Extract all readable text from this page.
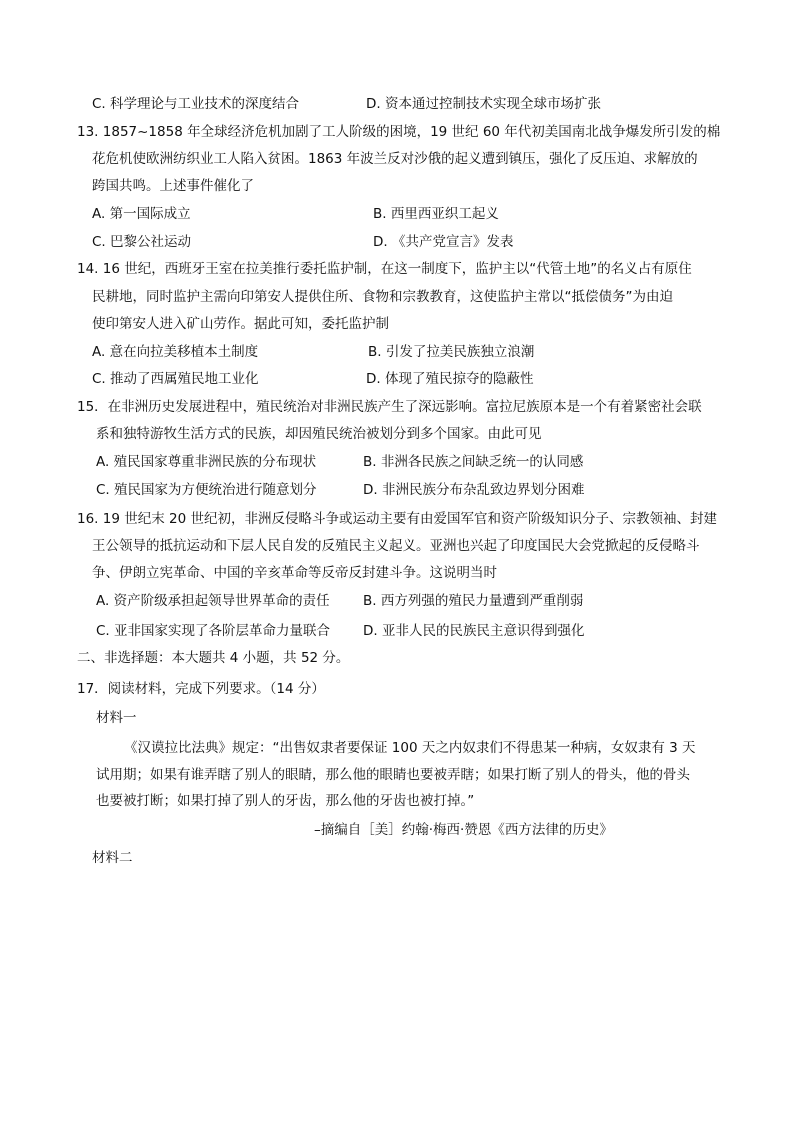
C. 科学理论与工业技术的深度结合	D. 资本通过控制技术实现全球市场扩张
13. 1857~1858 年全球经济危机加剧了工人阶级的困境，19 世纪 60 年代初美国南北战争爆发所引发的棉
花危机使欧洲纺织业工人陷入贫困。1863 年波兰反对沙俄的起义遭到镇压，强化了反压迫、求解放的
跨国共鸣。上述事件催化了
A. 第一国际成立	B. 西里西亚织工起义
C. 巴黎公社运动	D. 《共产党宣言》发表
14. 16 世纪，西班牙王室在拉美推行委托监护制，在这一制度下，监护主以“代管土地”的名义占有原住
民耕地，同时监护主需向印第安人提供住所、食物和宗教教育，这使监护主常以“抵偿债务”为由迫
使印第安人进入矿山劳作。据此可知，委托监护制
A. 意在向拉美移植本土制度	B. 引发了拉美民族独立浪潮
C. 推动了西属殖民地工业化	D. 体现了殖民掠夺的隐蔽性
15．在非洲历史发展进程中，殖民统治对非洲民族产生了深远影响。富拉尼族原本是一个有着紧密社会联
系和独特游牧生活方式的民族，却因殖民统治被划分到多个国家。由此可见
A. 殖民国家尊重非洲民族的分布现状	B. 非洲各民族之间缺乏统一的认同感
C. 殖民国家为方便统治进行随意划分	D. 非洲民族分布杂乱致边界划分困难
16. 19 世纪末 20 世纪初，非洲反侵略斗争或运动主要有由爱国军官和资产阶级知识分子、宗教领袖、封建
王公领导的抵抗运动和下层人民自发的反殖民主义起义。亚洲也兴起了印度国民大会党掀起的反侵略斗
争、伊朗立宪革命、中国的辛亥革命等反帝反封建斗争。这说明当时
A. 资产阶级承担起领导世界革命的责任 B. 西方列强的殖民力量遭到严重削弱
C. 亚非国家实现了各阶层革命力量联合 D. 亚非人民的民族民主意识得到强化
二、非选择题：本大题共 4 小题，共 52 分。
17．阅读材料，完成下列要求。（14 分）
材料一
《汉谟拉比法典》规定：“出售奴隶者要保证 100 天之内奴隶们不得患某一种病，女奴隶有 3 天
试用期；如果有谁弄瞎了别人的眼睛，那么他的眼睛也要被弄瞎；如果打断了别人的骨头，他的骨头
也要被打断；如果打掉了别人的牙齿，那么他的牙齿也被打掉。”
–摘编自［美］约翰·梅西·赞恩《西方法律的历史》
材料二
